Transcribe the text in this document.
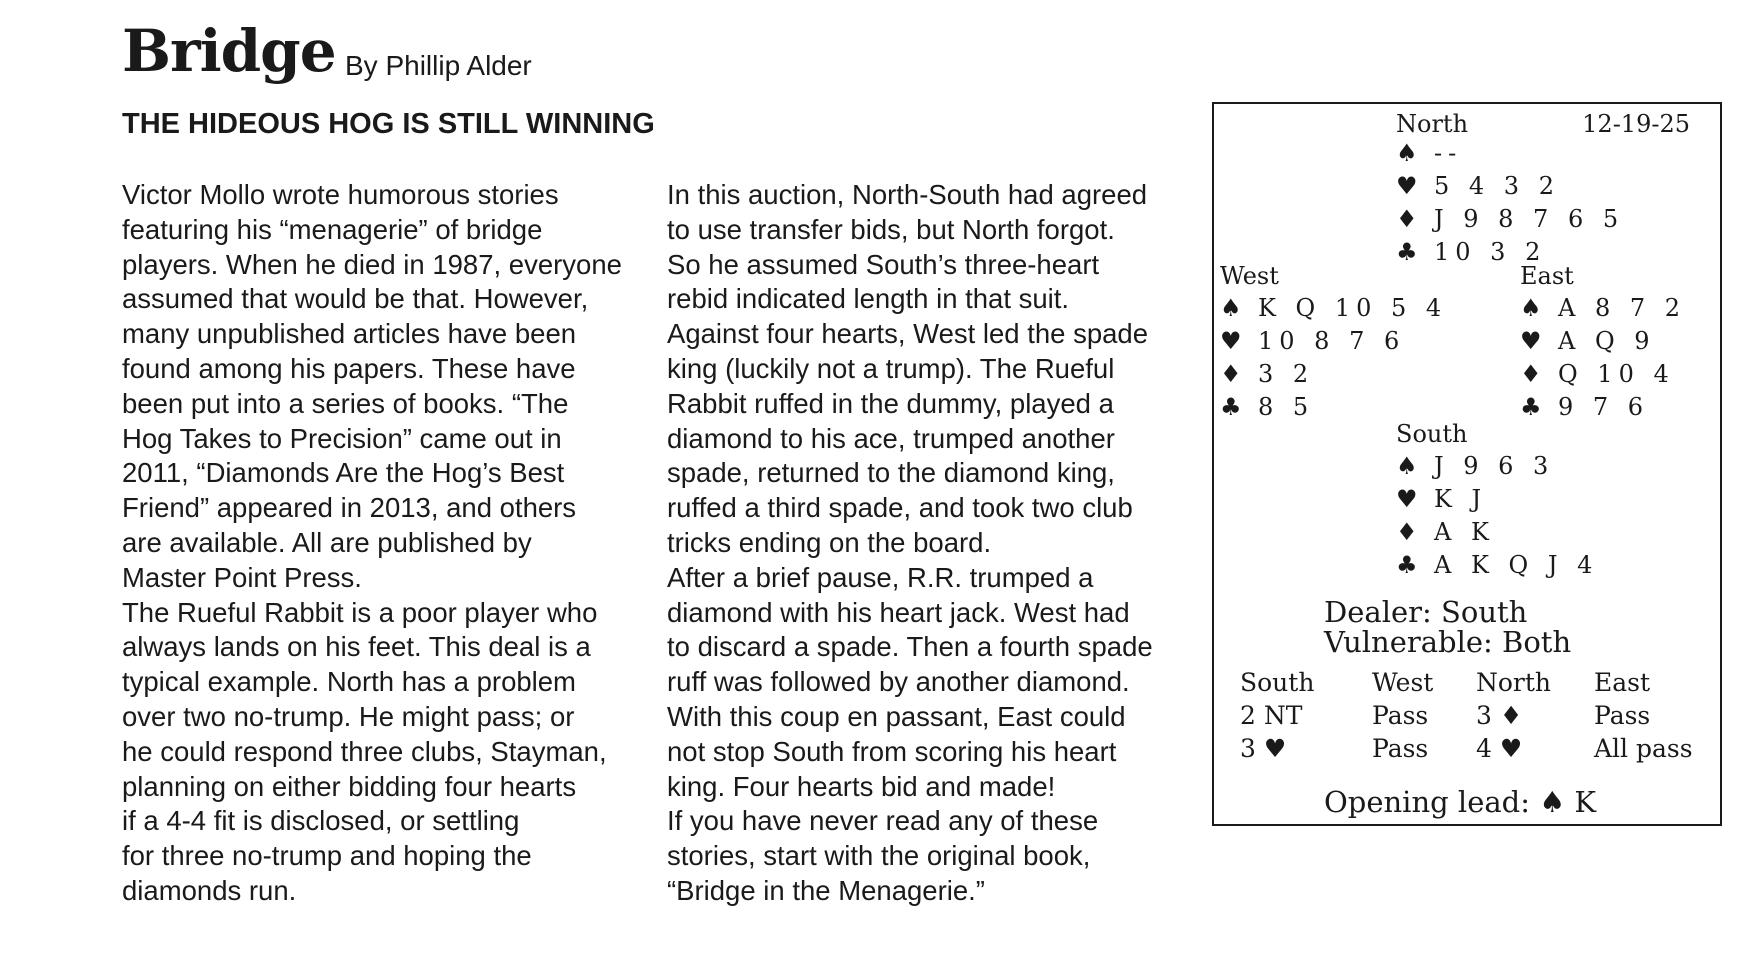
Bridge By Phillip Alder
THE HIDEOUS HOG IS STILL WINNING

Victor Mollo wrote humorous stories

featuring his “menagerie” of bridge

players. When he died in 1987, everyone

assumed that would be that. However,

many unpublished articles have been

found among his papers. These have

been put into a series of books. “The

Hog Takes to Precision” came out in

2011, “Diamonds Are the Hog’s Best

Friend” appeared in 2013, and others

are available. All are published by

Master Point Press.

The Rueful Rabbit is a poor player who

always lands on his feet. This deal is a

typical example. North has a problem

over two no-trump. He might pass; or

he could respond three clubs, Stayman,

planning on either bidding four hearts

if a 4-4 fit is disclosed, or settling

for three no-trump and hoping the

diamonds run.

In this auction, North-South had agreed

to use transfer bids, but North forgot.

So he assumed South’s three-heart

rebid indicated length in that suit.

Against four hearts, West led the spade

king (luckily not a trump). The Rueful

Rabbit ruffed in the dummy, played a

diamond to his ace, trumped another

spade, returned to the diamond king,

ruffed a third spade, and took two club

tricks ending on the board.

After a brief pause, R.R. trumped a

diamond with his heart jack. West had

to discard a spade. Then a fourth spade

ruff was followed by another diamond.

With this coup en passant, East could

not stop South from scoring his heart

king. Four hearts bid and made!

If you have never read any of these

stories, start with the original book,

“Bridge in the Menagerie.”

North	12-19-25
♠ --
♥ 5 4 3 2
♦ J 9 8 7 6 5
♣ 10 3 2
West
♠ K Q 10 5 4
♥ 10 8 7 6
♦ 3 2
♣ 8 5
East
♠ A 8 7 2
♥ A Q 9
♦ Q 10 4
♣ 9 7 6
South
♠ J 9 6 3
♥ K J
♦ A K
♣ A K Q J 4
Dealer: South
Vulnerable: Both
South West North East
2 NT	Pass 3 ♦	Pass
3 ♥	Pass 4 ♥	All pass
Opening lead: ♠ K
